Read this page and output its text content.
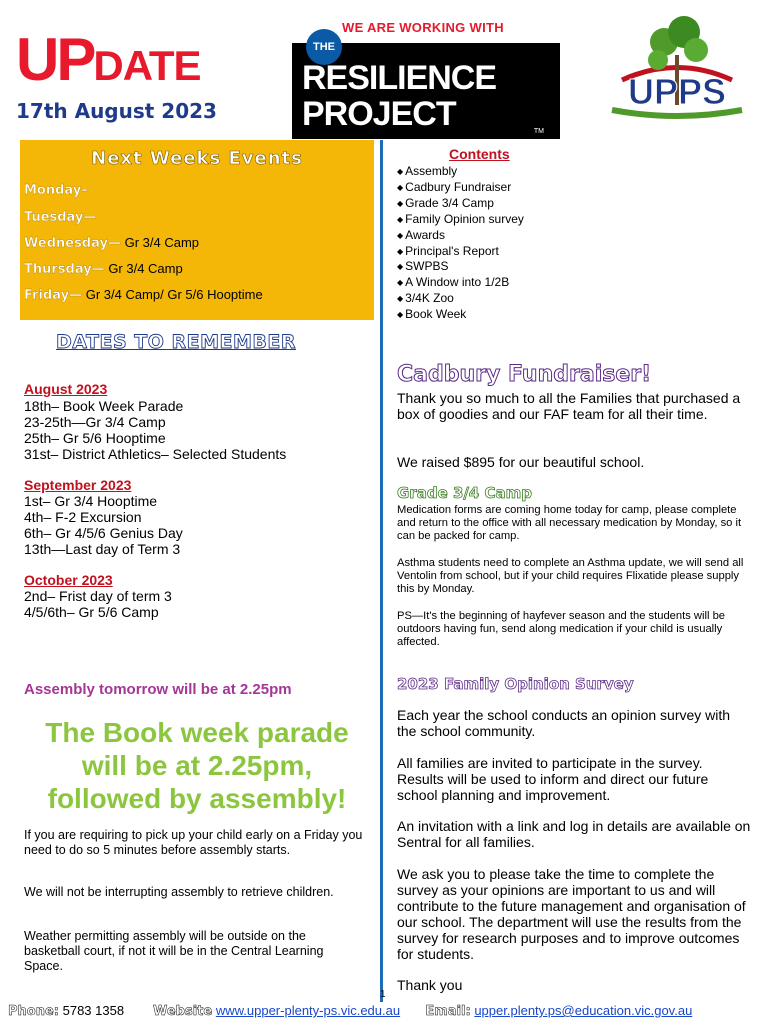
UPDATE
17th August 2023
WE ARE WORKING WITH
THE
RESILIENCE
PROJECT	TM
UPPS
Next Weeks Events
Monday–
Tuesday—
Wednesday— Gr 3/4 Camp
Thursday— Gr 3/4 Camp
Friday— Gr 3/4 Camp/ Gr 5/6 Hooptime
Contents
◆ Assembly
◆ Cadbury Fundraiser
◆ Grade 3/4 Camp
◆ Family Opinion survey
◆ Awards
◆ Principal's Report
◆ SWPBS
◆ A Window into 1/2B
◆ 3/4K Zoo
◆ Book Week
DATES TO REMEMBER
August 2023
18th– Book Week Parade
23-25th—Gr 3/4 Camp
25th– Gr 5/6 Hooptime
31st– District Athletics– Selected Students
September 2023
1st– Gr 3/4 Hooptime
4th– F-2 Excursion
6th– Gr 4/5/6 Genius Day
13th—Last day of Term 3
October 2023
2nd– Frist day of term 3
4/5/6th– Gr 5/6 Camp
Assembly tomorrow will be at 2.25pm
The Book week parade will be at 2.25pm, followed by assembly!
If you are requiring to pick up your child early on a Friday you need to do so 5 minutes before assembly starts.
We will not be interrupting assembly to retrieve children.
Weather permitting assembly will be outside on the basketball court, if not it will be in the Central Learning Space.
Cadbury Fundraiser!
Thank you so much to all the Families that purchased a box of goodies and our FAF team for all their time.
We raised $895 for our beautiful school.
Grade 3/4 Camp
Medication forms are coming home today for camp, please complete and return to the office with all necessary medication by Monday, so it can be packed for camp.
Asthma students need to complete an Asthma update, we will send all Ventolin from school, but if your child requires Flixatide please supply this by Monday.
PS—It's the beginning of hayfever season and the students will be outdoors having fun, send along medication if your child is usually affected.
2023 Family Opinion Survey
Each year the school conducts an opinion survey with the school community.
All families are invited to participate in the survey. Results will be used to inform and direct our future school planning and improvement.
An invitation with a link and log in details are available on Sentral for all families.
We ask you to please take the time to complete the survey as your opinions are important to us and will contribute to the future management and organisation of our school. The department will use the results from the survey for research purposes and to improve outcomes for students.
Thank you
1
Phone: 5783 1358 Website www.upper-plenty-ps.vic.edu.au Email: upper.plenty.ps@education.vic.gov.au
